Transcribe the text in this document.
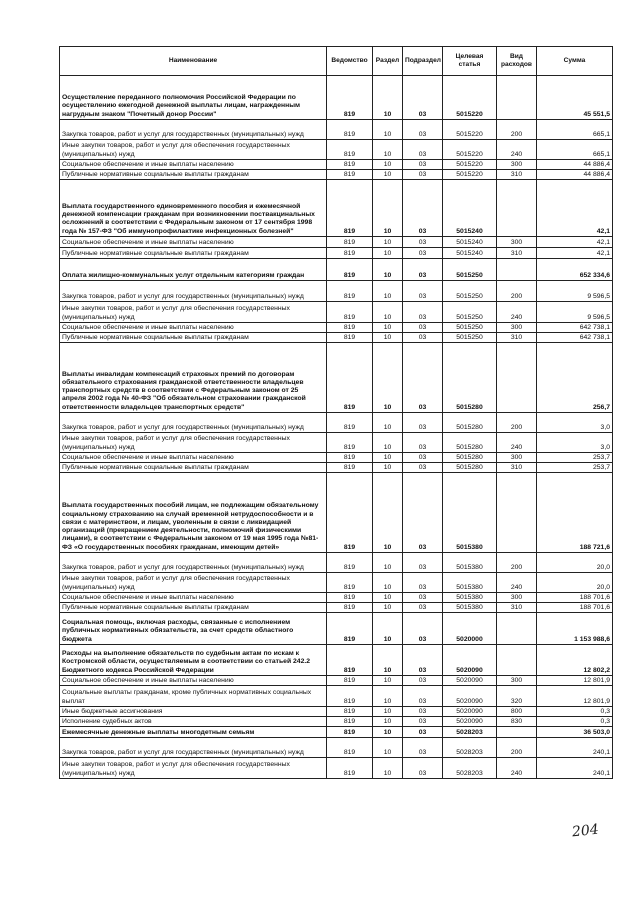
Наименование	Ведомство	Раздел	Подраздел	Целевая статья	Вид расходов	Сумма
Осуществление переданного полномочия Российской Федерации по осуществлению ежегодной денежной выплаты лицам, награжденным нагрудным знаком "Почетный донор России"	819	10	03	5015220		45 551,5
Закупка товаров, работ и услуг для государственных (муниципальных) нужд	819	10	03	5015220	200	665,1
Иные закупки товаров, работ и услуг для обеспечения государственных (муниципальных) нужд	819	10	03	5015220	240	665,1
Социальное обеспечение и иные выплаты населению	819	10	03	5015220	300	44 886,4
Публичные нормативные социальные выплаты гражданам	819	10	03	5015220	310	44 886,4
Выплата государственного единовременного пособия и ежемесячной денежной компенсации гражданам при возникновении поствакцинальных осложнений в соответствии с Федеральным законом от 17 сентября 1998 года № 157-ФЗ "Об иммунопрофилактике инфекционных болезней"	819	10	03	5015240		42,1
Социальное обеспечение и иные выплаты населению	819	10	03	5015240	300	42,1
Публичные нормативные социальные выплаты гражданам	819	10	03	5015240	310	42,1
Оплата жилищно-коммунальных услуг отдельным категориям граждан	819	10	03	5015250		652 334,6
Закупка товаров, работ и услуг для государственных (муниципальных) нужд	819	10	03	5015250	200	9 596,5
Иные закупки товаров, работ и услуг для обеспечения государственных (муниципальных) нужд	819	10	03	5015250	240	9 596,5
Социальное обеспечение и иные выплаты населению	819	10	03	5015250	300	642 738,1
Публичные нормативные социальные выплаты гражданам	819	10	03	5015250	310	642 738,1
Выплаты инвалидам компенсаций страховых премий по договорам обязательного страхования гражданской ответственности владельцев транспортных средств в соответствии с Федеральным законом от 25 апреля 2002 года № 40-ФЗ "Об обязательном страховании гражданской ответственности владельцев транспортных средств"	819	10	03	5015280		256,7
Закупка товаров, работ и услуг для государственных (муниципальных) нужд	819	10	03	5015280	200	3,0
Иные закупки товаров, работ и услуг для обеспечения государственных (муниципальных) нужд	819	10	03	5015280	240	3,0
Социальное обеспечение и иные выплаты населению	819	10	03	5015280	300	253,7
Публичные нормативные социальные выплаты гражданам	819	10	03	5015280	310	253,7
Выплата государственных пособий лицам, не подлежащим обязательному социальному страхованию на случай временной нетрудоспособности и в связи с материнством, и лицам, уволенным в связи с ликвидацией организаций (прекращением деятельности, полномочий физическими лицами), в соответствии с Федеральным законом от 19 мая 1995 года №81-ФЗ «О государственных пособиях гражданам, имеющим детей»	819	10	03	5015380		188 721,6
Закупка товаров, работ и услуг для государственных (муниципальных) нужд	819	10	03	5015380	200	20,0
Иные закупки товаров, работ и услуг для обеспечения государственных (муниципальных) нужд	819	10	03	5015380	240	20,0
Социальное обеспечение и иные выплаты населению	819	10	03	5015380	300	188 701,6
Публичные нормативные социальные выплаты гражданам	819	10	03	5015380	310	188 701,6
Социальная помощь, включая расходы, связанные с исполнением публичных нормативных обязательств, за счет средств областного бюджета	819	10	03	5020000		1 153 988,6
Расходы на выполнение обязательств по судебным актам по искам к Костромской области, осуществляемым в соответствии со статьей 242.2 Бюджетного кодекса Российской Федерации	819	10	03	5020090		12 802,2
Социальное обеспечение и иные выплаты населению	819	10	03	5020090	300	12 801,9
Социальные выплаты гражданам, кроме публичных нормативных социальных выплат	819	10	03	5020090	320	12 801,9
Иные бюджетные ассигнования	819	10	03	5020090	800	0,3
Исполнение судебных актов	819	10	03	5020090	830	0,3
Ежемесячные денежные выплаты многодетным семьям	819	10	03	5028203		36 503,0
Закупка товаров, работ и услуг для государственных (муниципальных) нужд	819	10	03	5028203	200	240,1
Иные закупки товаров, работ и услуг для обеспечения государственных (муниципальных) нужд	819	10	03	5028203	240	240,1
204
